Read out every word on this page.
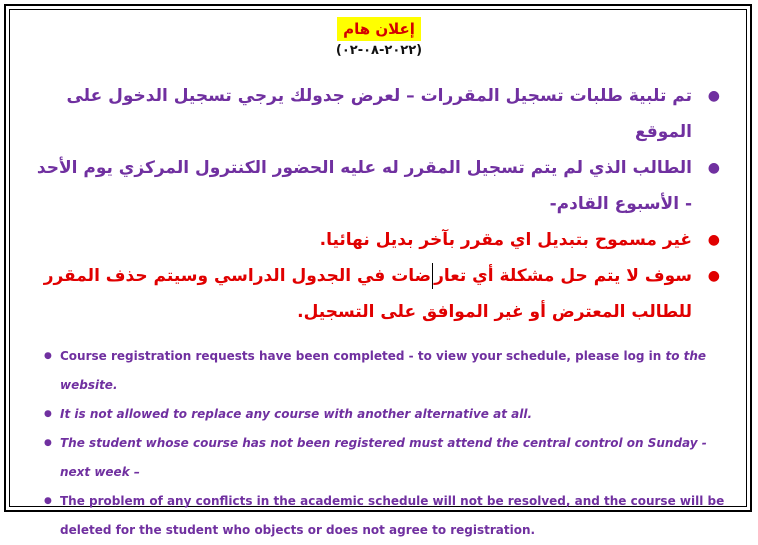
إعلان هام
(٢٠٢٢-٠٨-٠٢)
●
تم تلبية طلبات تسجيل المقررات – لعرض جدولك يرجي تسجيل الدخول على الموقع
●
الطالب الذي لم يتم تسجيل المقرر له عليه الحضور الكنترول المركزي يوم الأحد - الأسبوع القادم-
●
غير مسموح بتبديل اي مقرر بآخر بديل نهائيا.
●
سوف لا يتم حل مشكلة أي تعارضات في الجدول الدراسي وسيتم حذف المقرر للطالب المعترض أو غير الموافق على التسجيل.
● Course registration requests have been completed - to view your schedule, please log in to the website.
● It is not allowed to replace any course with another alternative at all.
● The student whose course has not been registered must attend the central control on Sunday - next week –
● The problem of any conflicts in the academic schedule will not be resolved, and the course will be deleted for the student who objects or does not agree to registration.
